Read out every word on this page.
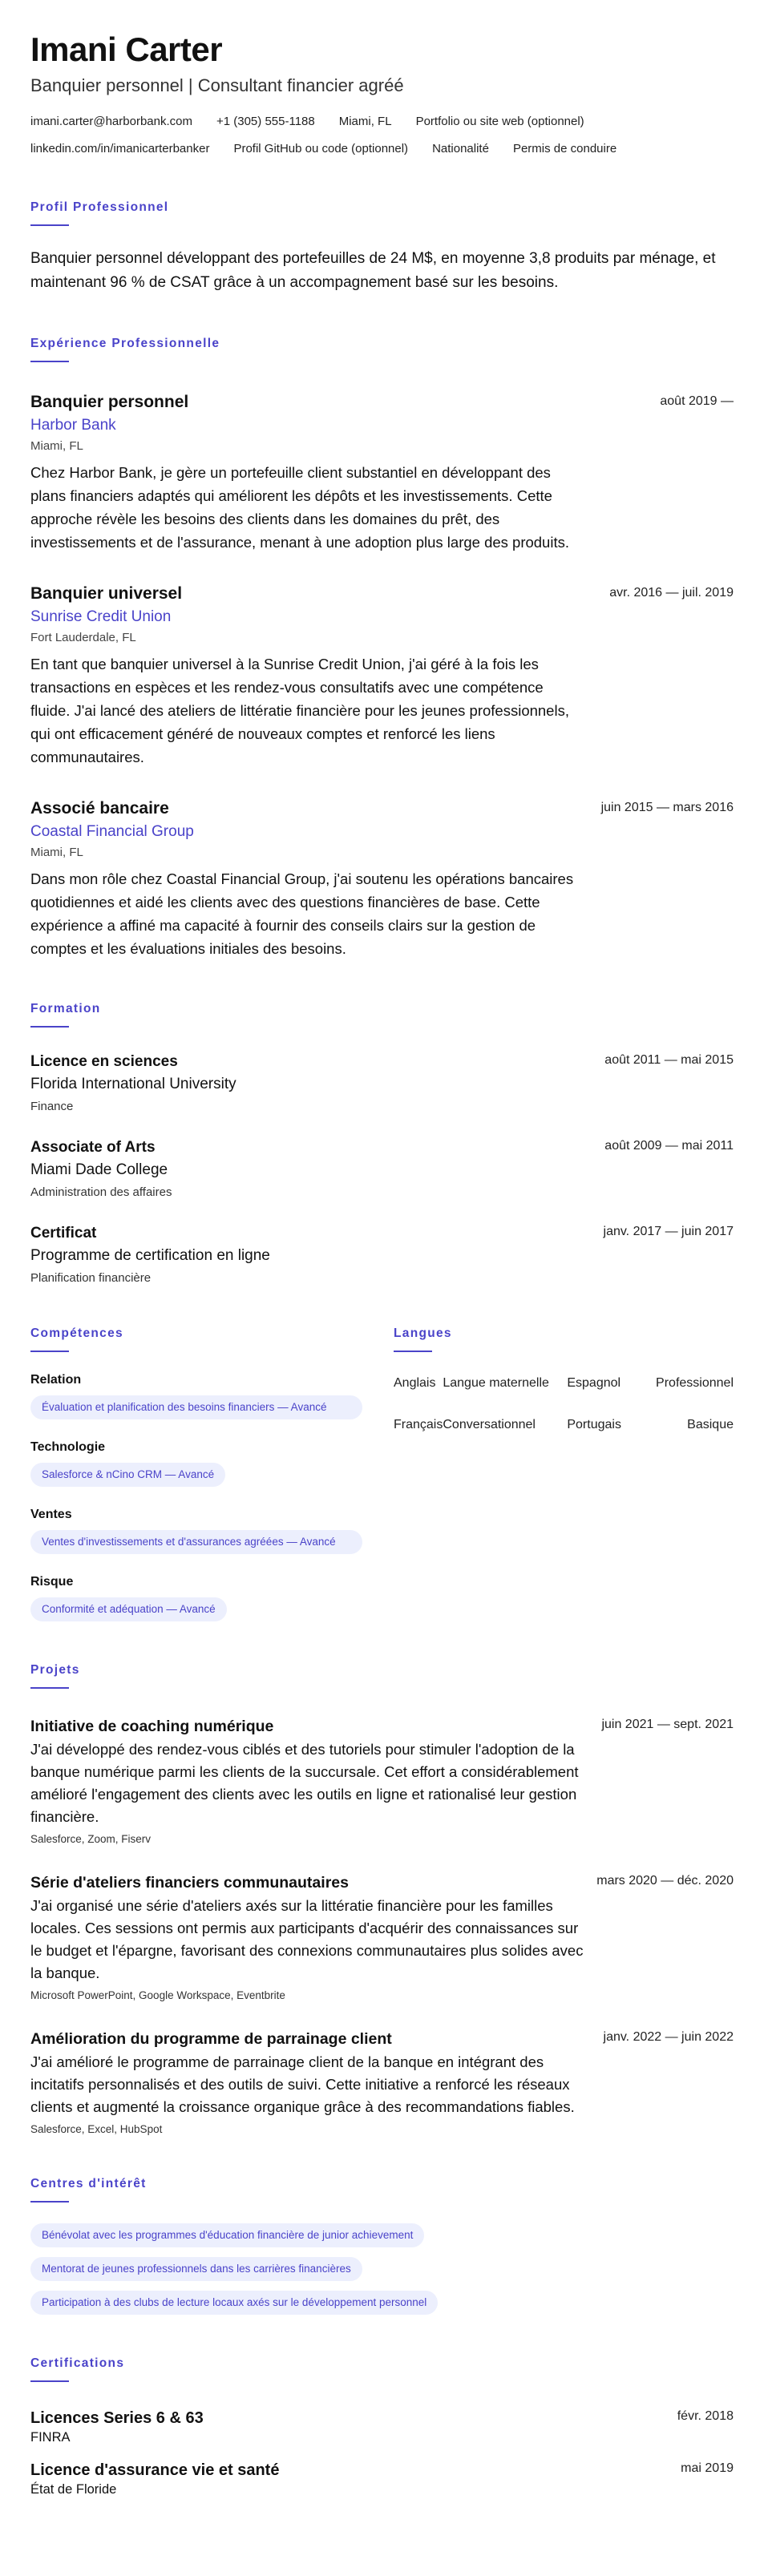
Imani Carter
Banquier personnel | Consultant financier agréé
imani.carter@harborbank.com +1 (305) 555-1188 Miami, FL Portfolio ou site web (optionnel)
linkedin.com/in/imanicarterbanker Profil GitHub ou code (optionnel) Nationalité Permis de conduire
Profil Professionnel

Banquier personnel développant des portefeuilles de 24 M$, en moyenne 3,8 produits par ménage, et maintenant 96 % de CSAT grâce à un accompagnement basé sur les besoins.

Expérience Professionnelle
août 2019 —
Banquier personnel
Harbor Bank
Miami, FL

Chez Harbor Bank, je gère un portefeuille client substantiel en développant des plans financiers adaptés qui améliorent les dépôts et les investissements. Cette approche révèle les besoins des clients dans les domaines du prêt, des investissements et de l'assurance, menant à une adoption plus large des produits.

avr. 2016 — juil. 2019
Banquier universel
Sunrise Credit Union
Fort Lauderdale, FL

En tant que banquier universel à la Sunrise Credit Union, j'ai géré à la fois les transactions en espèces et les rendez-vous consultatifs avec une compétence fluide. J'ai lancé des ateliers de littératie financière pour les jeunes professionnels, qui ont efficacement généré de nouveaux comptes et renforcé les liens communautaires.

juin 2015 — mars 2016
Associé bancaire
Coastal Financial Group
Miami, FL

Dans mon rôle chez Coastal Financial Group, j'ai soutenu les opérations bancaires quotidiennes et aidé les clients avec des questions financières de base. Cette expérience a affiné ma capacité à fournir des conseils clairs sur la gestion de comptes et les évaluations initiales des besoins.

Formation
août 2011 — mai 2015
Licence en sciences
Florida International University
Finance
août 2009 — mai 2011
Associate of Arts
Miami Dade College
Administration des affaires
janv. 2017 — juin 2017
Certificat
Programme de certification en ligne
Planification financière
Compétences
Relation
Évaluation et planification des besoins financiers — Avancé
Technologie
Salesforce & nCino CRM — Avancé
Ventes
Ventes d'investissements et d'assurances agréées — Avancé
Risque
Conformité et adéquation — Avancé
Langues
Anglais	Langue maternelle	Espagnol	Professionnel
Français	Conversationnel	Portugais	Basique
Projets
juin 2021 — sept. 2021
Initiative de coaching numérique

J'ai développé des rendez-vous ciblés et des tutoriels pour stimuler l'adoption de la banque numérique parmi les clients de la succursale. Cet effort a considérablement amélioré l'engagement des clients avec les outils en ligne et rationalisé leur gestion financière.

Salesforce, Zoom, Fiserv
mars 2020 — déc. 2020
Série d'ateliers financiers communautaires

J'ai organisé une série d'ateliers axés sur la littératie financière pour les familles locales. Ces sessions ont permis aux participants d'acquérir des connaissances sur le budget et l'épargne, favorisant des connexions communautaires plus solides avec la banque.

Microsoft PowerPoint, Google Workspace, Eventbrite
janv. 2022 — juin 2022
Amélioration du programme de parrainage client

J'ai amélioré le programme de parrainage client de la banque en intégrant des incitatifs personnalisés et des outils de suivi. Cette initiative a renforcé les réseaux clients et augmenté la croissance organique grâce à des recommandations fiables.

Salesforce, Excel, HubSpot
Centres d'intérêt
Bénévolat avec les programmes d'éducation financière de junior achievement
Mentorat de jeunes professionnels dans les carrières financières
Participation à des clubs de lecture locaux axés sur le développement personnel
Certifications
févr. 2018
Licences Series 6 & 63
FINRA
mai 2019
Licence d'assurance vie et santé
État de Floride
